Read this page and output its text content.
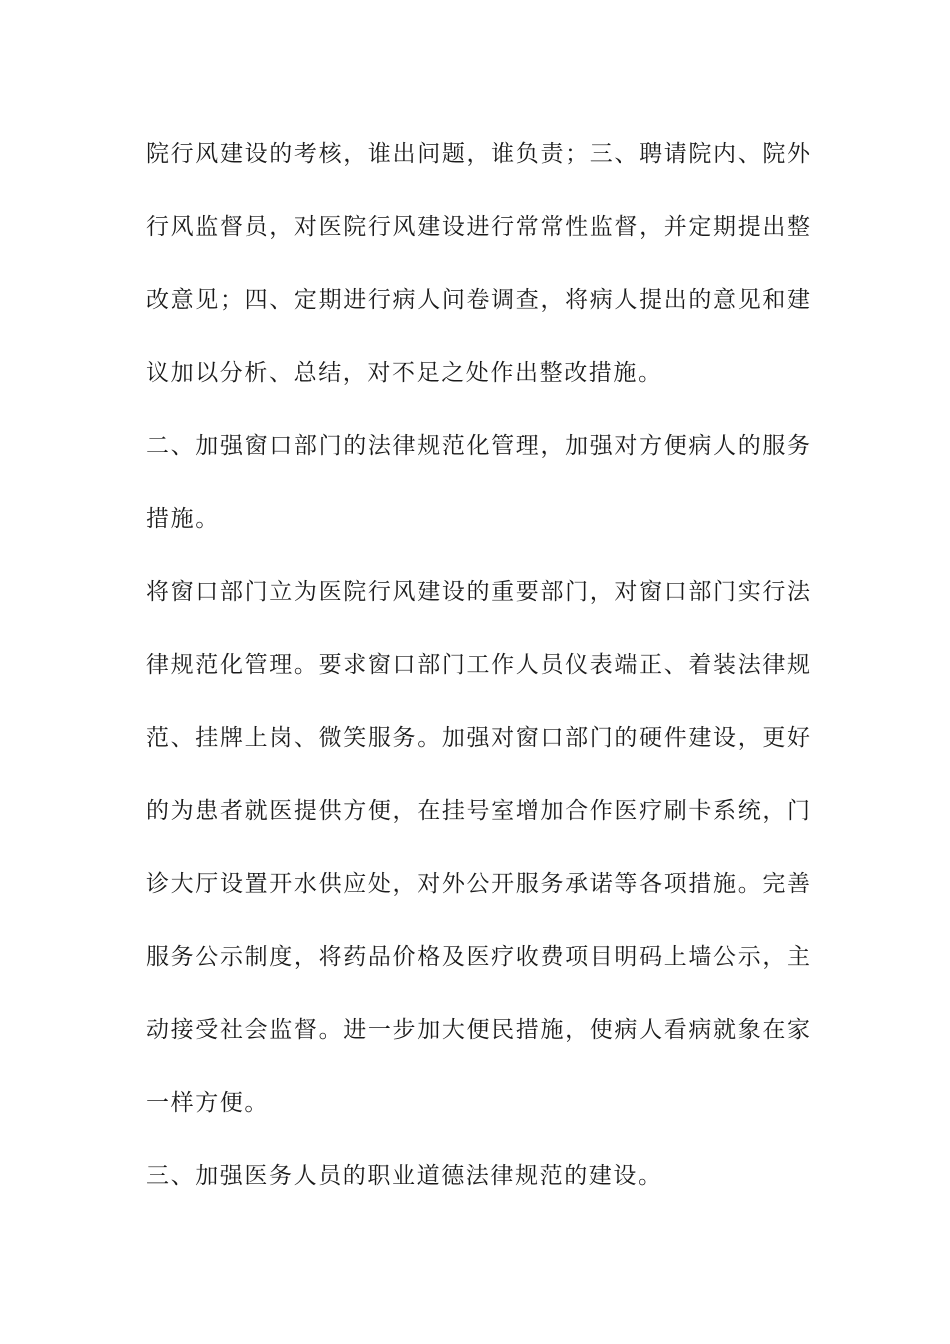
院行风建设的考核，谁出问题，谁负责；三、聘请院内、院外
行风监督员，对医院行风建设进行常常性监督，并定期提出整
改意见；四、定期进行病人问卷调查，将病人提出的意见和建
议加以分析、总结，对不足之处作出整改措施。
二、加强窗口部门的法律规范化管理，加强对方便病人的服务
措施。
将窗口部门立为医院行风建设的重要部门，对窗口部门实行法
律规范化管理。要求窗口部门工作人员仪表端正、着装法律规
范、挂牌上岗、微笑服务。加强对窗口部门的硬件建设，更好
的为患者就医提供方便，在挂号室增加合作医疗刷卡系统，门
诊大厅设置开水供应处，对外公开服务承诺等各项措施。完善
服务公示制度，将药品价格及医疗收费项目明码上墙公示，主
动接受社会监督。进一步加大便民措施，使病人看病就象在家
一样方便。
三、加强医务人员的职业道德法律规范的建设。
